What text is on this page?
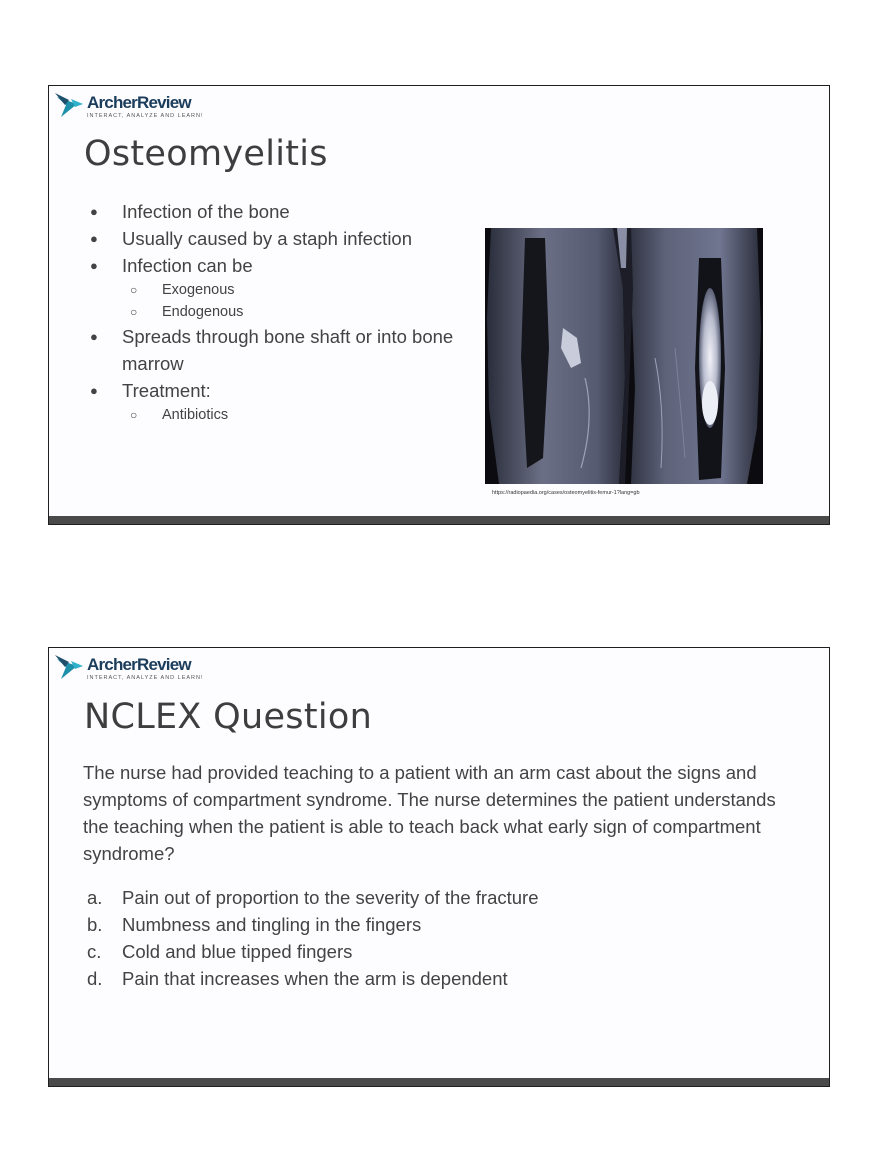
ArcherReview
INTERACT, ANALYZE AND LEARN!
Osteomyelitis
● Infection of the bone
● Usually caused by a staph infection
● Infection can be
○ Exogenous
○ Endogenous
● Spreads through bone shaft or into bone marrow
● Treatment:
○ Antibiotics
https://radiopaedia.org/cases/osteomyelitis-femur-1?lang=gb
ArcherReview
INTERACT, ANALYZE AND LEARN!
NCLEX Question

The nurse had provided teaching to a patient with an arm cast about the signs and symptoms of compartment syndrome. The nurse determines the patient understands the teaching when the patient is able to teach back what early sign of compartment syndrome?

a. Pain out of proportion to the severity of the fracture
b. Numbness and tingling in the fingers
c. Cold and blue tipped fingers
d. Pain that increases when the arm is dependent
